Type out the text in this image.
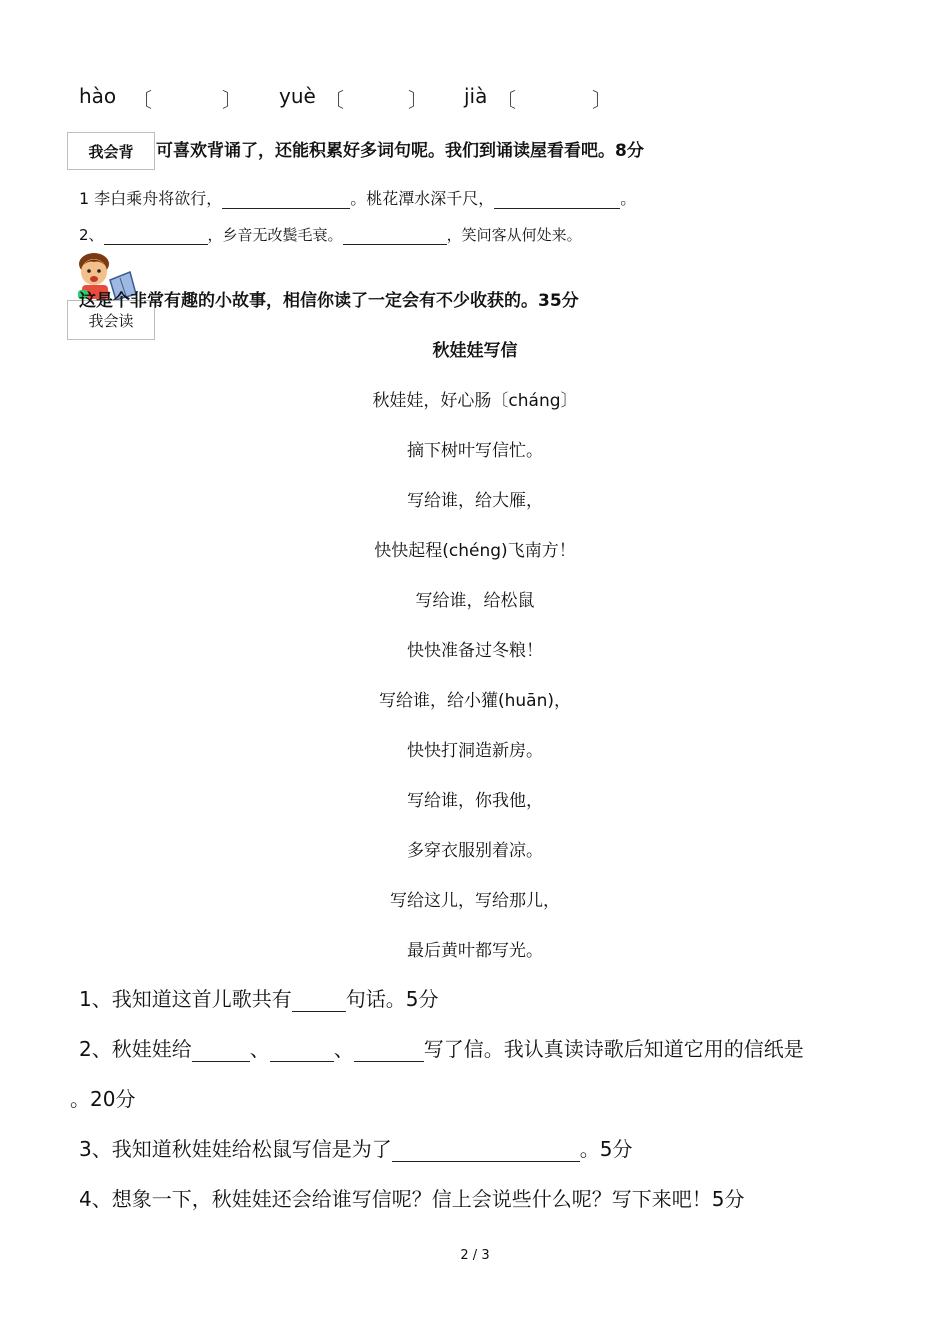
hào 〔	〕 yuè 〔	〕 jià 〔	〕
我会背 可喜欢背诵了，还能积累好多词句呢。我们到诵读屋看看吧。8分
1 李白乘舟将欲行，	。桃花潭水深千尺，	。
2、	，乡音无改鬓毛衰。	，笑问客从何处来。
我会读
这是个非常有趣的小故事，相信你读了一定会有不少收获的。35分
秋娃娃写信
秋娃娃，好心肠〔cháng〕
摘下树叶写信忙。
写给谁，给大雁，
快快起程(chéng)飞南方！
写给谁，给松鼠
快快准备过冬粮！
写给谁，给小獾(huān)，
快快打洞造新房。
写给谁，你我他，
多穿衣服别着凉。
写给这儿，写给那儿，
最后黄叶都写光。
1、我知道这首儿歌共有	句话。5分
2、秋娃娃给	、	、	写了信。我认真读诗歌后知道它用的信纸是
。20分
3、我知道秋娃娃给松鼠写信是为了	。5分
4、想象一下，秋娃娃还会给谁写信呢？信上会说些什么呢？写下来吧！5分
2 / 3
